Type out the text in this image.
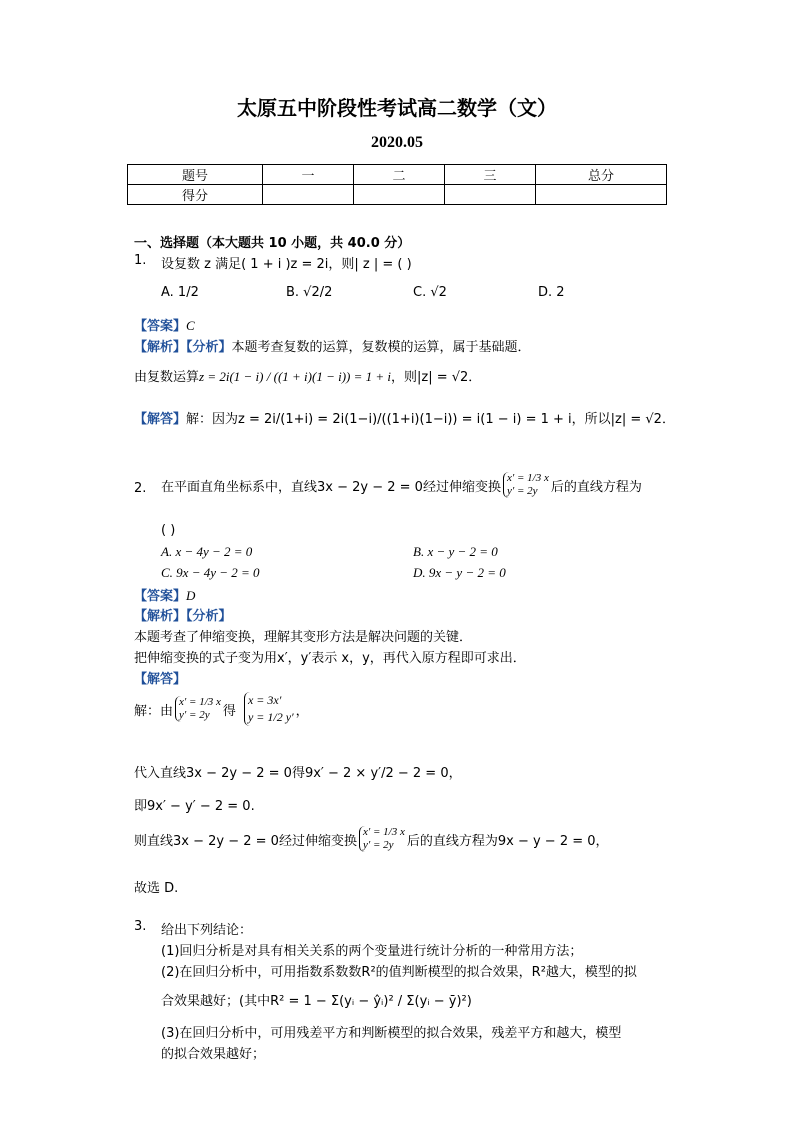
太原五中阶段性考试高二数学（文）
2020.05
题号	一	二	三	总分
得分				
一、选择题（本大题共 10 小题，共 40.0 分）
1. 设复数 z 满足( 1 + i )z = 2i，则| z | = ( )
A. 1/2	B. √2/2	C. √2	D. 2
【答案】C
【解析】【分析】本题考查复数的运算，复数模的运算，属于基础题．
由复数运算z = 2i(1 − i) / ((1 + i)(1 − i)) = 1 + i，则|z| = √2．
【解答】解：因为z = 2i/(1+i) = 2i(1−i)/((1+i)(1−i)) = i(1 − i) = 1 + i，所以|z| = √2．
2. 在平面直角坐标系中，直线3x − 2y − 2 = 0经过伸缩变换
x′ = 1/3 x
y′ = 2y	后的直线方程为
( )
A. x − 4y − 2 = 0	B. x − y − 2 = 0
C. 9x − 4y − 2 = 0	D. 9x − y − 2 = 0
【答案】D
【解析】【分析】
本题考查了伸缩变换，理解其变形方法是解决问题的关键．
把伸缩变换的式子变为用x′，y′表示 x，y，再代入原方程即可求出．
【解答】
解：由
x′ = 1/3 x
y′ = 2y	得
x = 3x′
y = 1/2 y′ ，
代入直线3x − 2y − 2 = 0得9x′ − 2 × y′/2 − 2 = 0，
即9x′ − y′ − 2 = 0.
则直线3x − 2y − 2 = 0经过伸缩变换
x′ = 1/3 x
y′ = 2y	后的直线方程为9x − y − 2 = 0，
故选 D.
3. 给出下列结论：
(1)回归分析是对具有相关关系的两个变量进行统计分析的一种常用方法；
(2)在回归分析中，可用指数系数数R²的值判断模型的拟合效果，R²越大，模型的拟
合效果越好；(其中R² = 1 − Σ(yᵢ − ŷᵢ)² / Σ(yᵢ − ȳ)²)
(3)在回归分析中，可用残差平方和判断模型的拟合效果，残差平方和越大，模型
的拟合效果越好；
